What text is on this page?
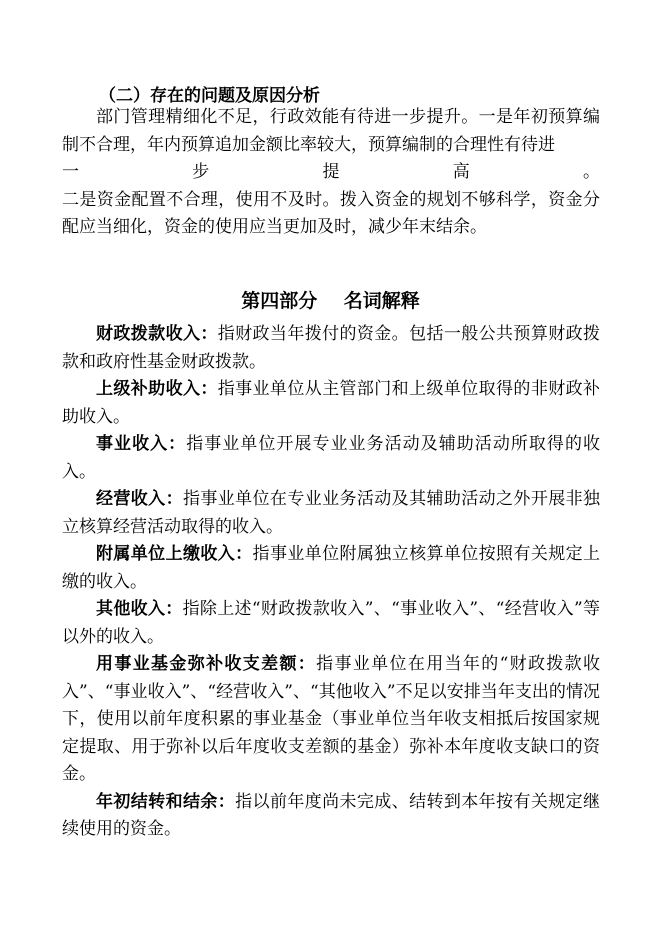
（二）存在的问题及原因分析
部门管理精细化不足，行政效能有待进一步提升。一是年初预算编制不合理，年内预算追加金额比率较大，预算编制的合理性有待进
一	步	提	高	。
二是资金配置不合理，使用不及时。拨入资金的规划不够科学，资金分配应当细化，资金的使用应当更加及时，减少年末结余。
第四部分    名词解释

财政拨款收入：指财政当年拨付的资金。包括一般公共预算财政拨款和政府性基金财政拨款。

上级补助收入：指事业单位从主管部门和上级单位取得的非财政补助收入。

事业收入：指事业单位开展专业业务活动及辅助活动所取得的收入。

经营收入：指事业单位在专业业务活动及其辅助活动之外开展非独立核算经营活动取得的收入。

附属单位上缴收入：指事业单位附属独立核算单位按照有关规定上缴的收入。

其他收入：指除上述“财政拨款收入”、“事业收入”、“经营收入”等以外的收入。

用事业基金弥补收支差额：指事业单位在用当年的“财政拨款收入”、“事业收入”、“经营收入”、“其他收入”不足以安排当年支出的情况下，使用以前年度积累的事业基金（事业单位当年收支相抵后按国家规定提取、用于弥补以后年度收支差额的基金）弥补本年度收支缺口的资金。

年初结转和结余：指以前年度尚未完成、结转到本年按有关规定继续使用的资金。
